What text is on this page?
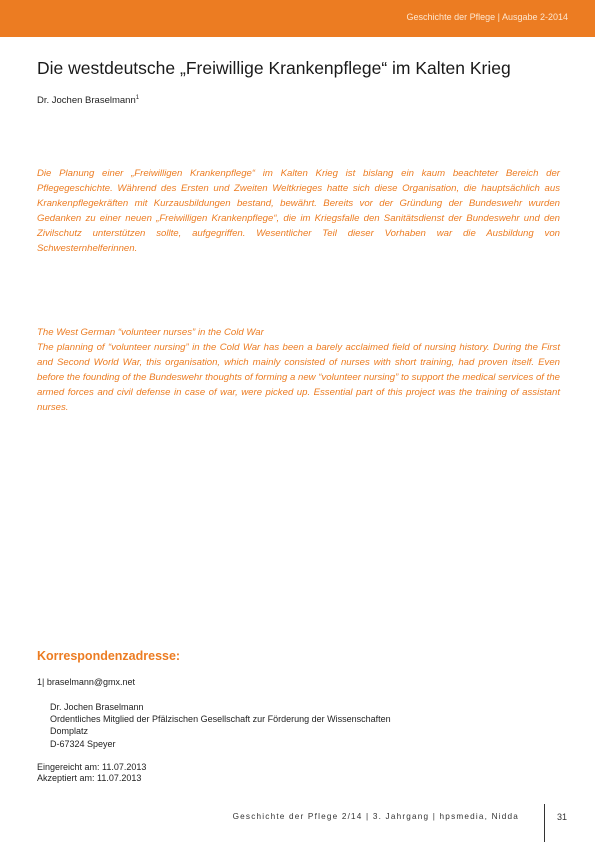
Geschichte der Pflege | Ausgabe 2-2014
Die westdeutsche „Freiwillige Krankenpflege“ im Kalten Krieg
Dr. Jochen Braselmann$^1$

Die Planung einer „Freiwilligen Krankenpflege“ im Kalten Krieg ist bislang ein kaum beachteter Bereich der Pflegegeschichte. Während des Ersten und Zweiten Weltkrieges hatte sich diese Organisation, die hauptsächlich aus Krankenpflegekräften mit Kurzausbildungen bestand, bewährt. Bereits vor der Gründung der Bundeswehr wurden Gedanken zu einer neuen „Freiwilligen Krankenpflege“, die im Kriegsfalle den Sanitätsdienst der Bundeswehr und den Zivilschutz unterstützen sollte, aufgegriffen. Wesentlicher Teil dieser Vorhaben war die Ausbildung von Schwesternhelferinnen.

The West German “volunteer nurses” in the Cold War

The planning of “volunteer nursing” in the Cold War has been a barely acclaimed field of nursing history. During the First and Second World War, this organisation, which mainly consisted of nurses with short training, had proven itself. Even before the founding of the Bundeswehr thoughts of forming a new “volunteer nursing” to support the medical services of the armed forces and civil defense in case of war, were picked up. Essential part of this project was the training of assistant nurses.

Korrespondenzadresse:
1| braselmann@gmx.net
Dr. Jochen Braselmann
Ordentliches Mitglied der Pfälzischen Gesellschaft zur Förderung der Wissenschaften
Domplatz
D-67324 Speyer
Eingereicht am: 11.07.2013
Akzeptiert am: 11.07.2013
Geschichte der Pflege 2/14 | 3. Jahrgang | hpsmedia, Nidda	31
